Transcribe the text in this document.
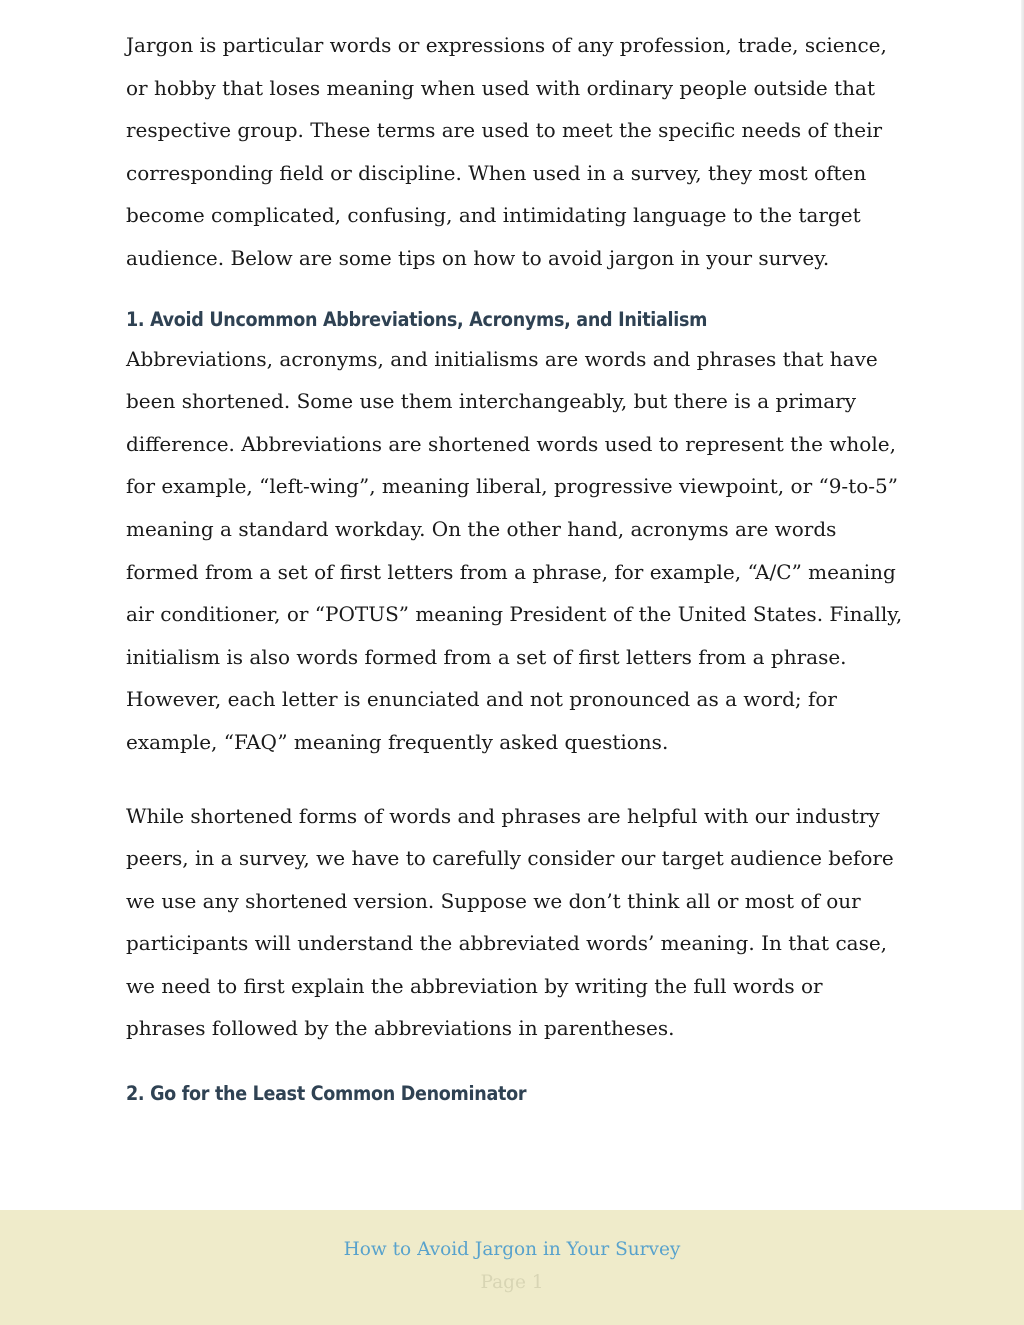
Jargon is particular words or expressions of any profession, trade, science, or hobby that loses meaning when used with ordinary people outside that respective group. These terms are used to meet the specific needs of their corresponding field or discipline. When used in a survey, they most often become complicated, confusing, and intimidating language to the target audience. Below are some tips on how to avoid jargon in your survey.

1. Avoid Uncommon Abbreviations, Acronyms, and Initialism

Abbreviations, acronyms, and initialisms are words and phrases that have been shortened. Some use them interchangeably, but there is a primary difference. Abbreviations are shortened words used to represent the whole, for example, “left-wing”, meaning liberal, progressive viewpoint, or “9-to-5” meaning a standard workday. On the other hand, acronyms are words formed from a set of first letters from a phrase, for example, “A/C” meaning air conditioner, or “POTUS” meaning President of the United States. Finally, initialism is also words formed from a set of first letters from a phrase. However, each letter is enunciated and not pronounced as a word; for example, “FAQ” meaning frequently asked questions.

While shortened forms of words and phrases are helpful with our industry peers, in a survey, we have to carefully consider our target audience before we use any shortened version. Suppose we don’t think all or most of our participants will understand the abbreviated words’ meaning. In that case, we need to first explain the abbreviation by writing the full words or phrases followed by the abbreviations in parentheses.

2. Go for the Least Common Denominator
How to Avoid Jargon in Your Survey
Page 1
